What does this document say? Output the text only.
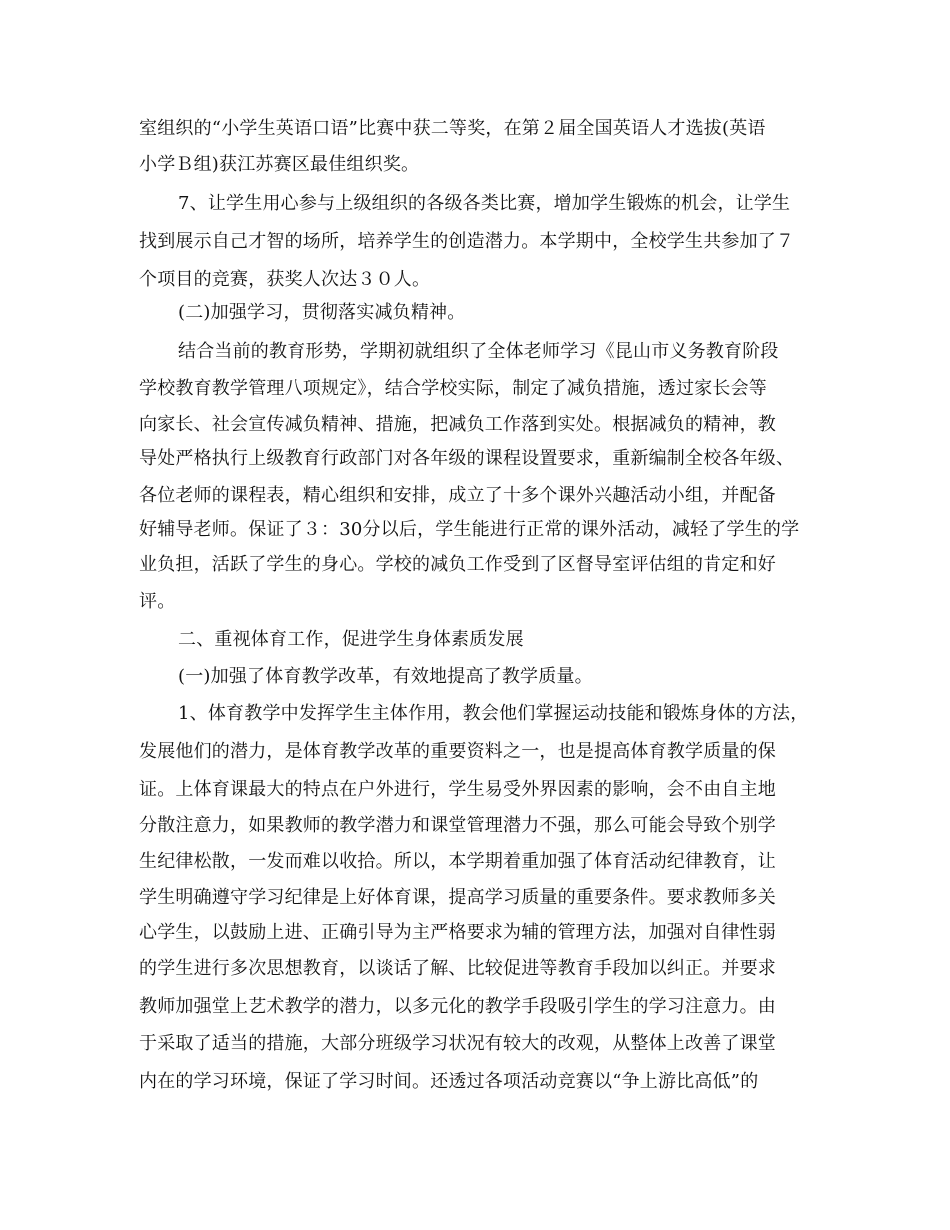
室组织的“小学生英语口语”比赛中获二等奖，在第２届全国英语人才选拔(英语
小学Ｂ组)获江苏赛区最佳组织奖。
7、让学生用心参与上级组织的各级各类比赛，增加学生锻炼的机会，让学生
找到展示自己才智的场所，培养学生的创造潜力。本学期中，全校学生共参加了７
个项目的竞赛，获奖人次达３０人。
(二)加强学习，贯彻落实减负精神。
结合当前的教育形势，学期初就组织了全体老师学习《昆山市义务教育阶段
学校教育教学管理八项规定》，结合学校实际，制定了减负措施，透过家长会等
向家长、社会宣传减负精神、措施，把减负工作落到实处。根据减负的精神，教
导处严格执行上级教育行政部门对各年级的课程设置要求，重新编制全校各年级、
各位老师的课程表，精心组织和安排，成立了十多个课外兴趣活动小组，并配备
好辅导老师。保证了３：30分以后，学生能进行正常的课外活动，减轻了学生的学
业负担，活跃了学生的身心。学校的减负工作受到了区督导室评估组的肯定和好
评。
二、重视体育工作，促进学生身体素质发展
(一)加强了体育教学改革，有效地提高了教学质量。
1、体育教学中发挥学生主体作用，教会他们掌握运动技能和锻炼身体的方法，
发展他们的潜力，是体育教学改革的重要资料之一，也是提高体育教学质量的保
证。上体育课最大的特点在户外进行，学生易受外界因素的影响，会不由自主地
分散注意力，如果教师的教学潜力和课堂管理潜力不强，那么可能会导致个别学
生纪律松散，一发而难以收拾。所以，本学期着重加强了体育活动纪律教育，让
学生明确遵守学习纪律是上好体育课，提高学习质量的重要条件。要求教师多关
心学生，以鼓励上进、正确引导为主严格要求为辅的管理方法，加强对自律性弱
的学生进行多次思想教育，以谈话了解、比较促进等教育手段加以纠正。并要求
教师加强堂上艺术教学的潜力，以多元化的教学手段吸引学生的学习注意力。由
于采取了适当的措施，大部分班级学习状况有较大的改观，从整体上改善了课堂
内在的学习环境，保证了学习时间。还透过各项活动竞赛以“争上游比高低”的
